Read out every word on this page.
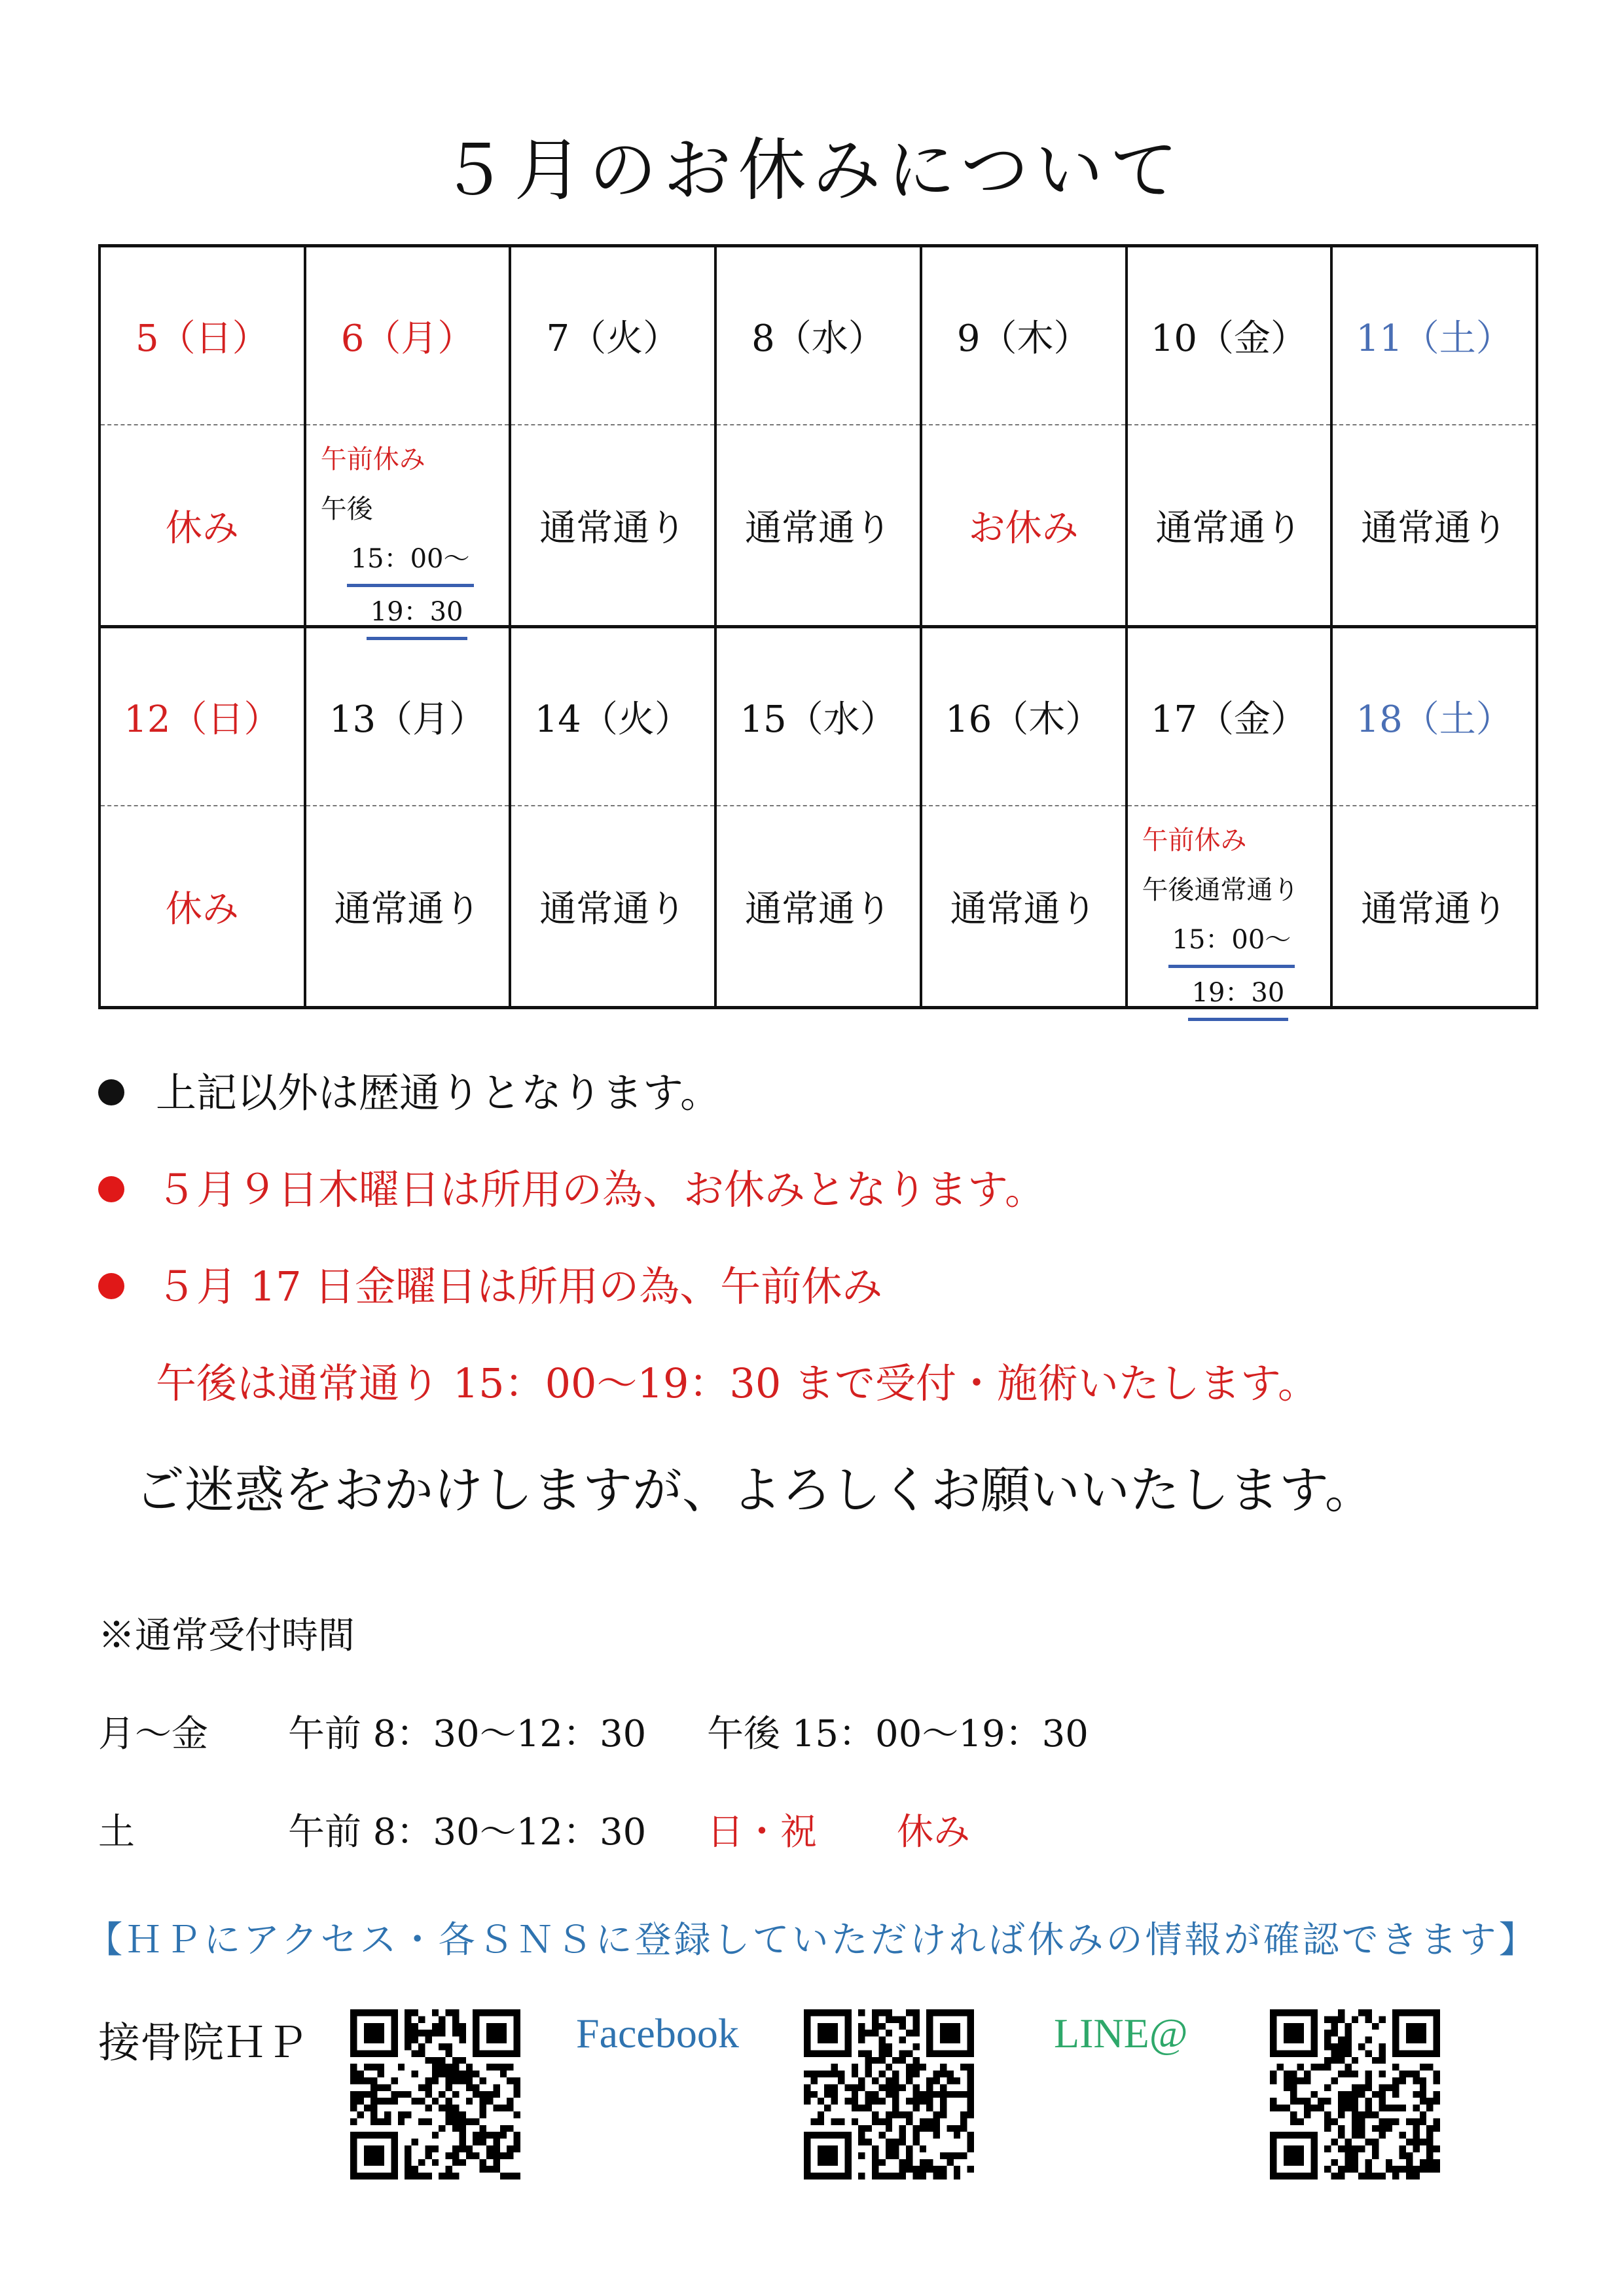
５月のお休みについて
5（日）	6（月）	7（火）	8（水）	9（木）	10（金）	11（土）
休み	午前休み
午後
15：00～
19：30	通常通り	通常通り	お休み	通常通り	通常通り
12（日）	13（月）	14（火）	15（水）	16（木）	17（金）	18（土）
休み	通常通り	通常通り	通常通り	通常通り	午前休み
午後通常通り
15：00～
19：30	通常通り
上記以外は歴通りとなります。
５月９日木曜日は所用の為、お休みとなります。
５月 17 日金曜日は所用の為、午前休み
午後は通常通り 15：00～19：30 まで受付・施術いたします。
ご迷惑をおかけしますが、よろしくお願いいたします。
※通常受付時間
月～金 午前 8：30～12：30 午後 15：00～19：30
土	午前 8：30～12：30 日・祝 休み
【ＨＰにアクセス・各ＳＮＳに登録していただければ休みの情報が確認できます】
接骨院ＨＰ	Facebook	LINE@
